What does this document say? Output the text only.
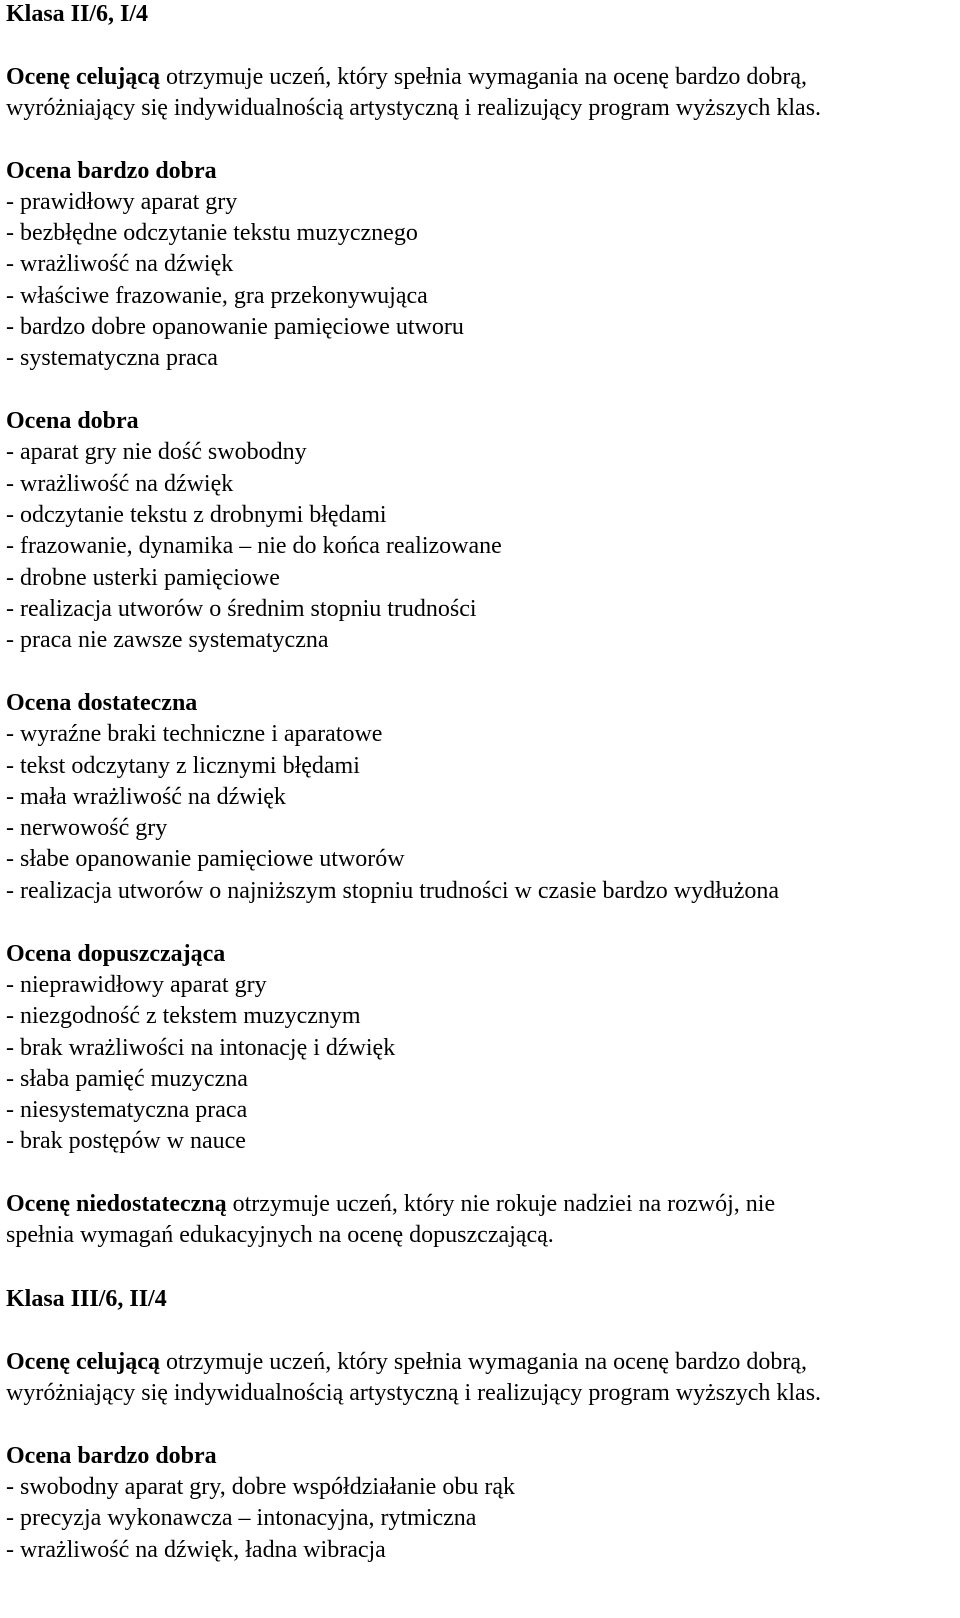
Klasa II/6, I/4
Ocenę celującą otrzymuje uczeń, który spełnia wymagania na ocenę bardzo dobrą,
wyróżniający się indywidualnością artystyczną i realizujący program wyższych klas.
Ocena bardzo dobra
- prawidłowy aparat gry
- bezbłędne odczytanie tekstu muzycznego
- wrażliwość na dźwięk
- właściwe frazowanie, gra przekonywująca
- bardzo dobre opanowanie pamięciowe utworu
- systematyczna praca
Ocena dobra
- aparat gry nie dość swobodny
- wrażliwość na dźwięk
- odczytanie tekstu z drobnymi błędami
- frazowanie, dynamika – nie do końca realizowane
- drobne usterki pamięciowe
- realizacja utworów o średnim stopniu trudności
- praca nie zawsze systematyczna
Ocena dostateczna
- wyraźne braki techniczne i aparatowe
- tekst odczytany z licznymi błędami
- mała wrażliwość na dźwięk
- nerwowość gry
- słabe opanowanie pamięciowe utworów
- realizacja utworów o najniższym stopniu trudności w czasie bardzo wydłużona
Ocena dopuszczająca
- nieprawidłowy aparat gry
- niezgodność z tekstem muzycznym
- brak wrażliwości na intonację i dźwięk
- słaba pamięć muzyczna
- niesystematyczna praca
- brak postępów w nauce
Ocenę niedostateczną otrzymuje uczeń, który nie rokuje nadziei na rozwój, nie
spełnia wymagań edukacyjnych na ocenę dopuszczającą.
Klasa III/6, II/4
Ocenę celującą otrzymuje uczeń, który spełnia wymagania na ocenę bardzo dobrą,
wyróżniający się indywidualnością artystyczną i realizujący program wyższych klas.
Ocena bardzo dobra
- swobodny aparat gry, dobre współdziałanie obu rąk
- precyzja wykonawcza – intonacyjna, rytmiczna
- wrażliwość na dźwięk, ładna wibracja
